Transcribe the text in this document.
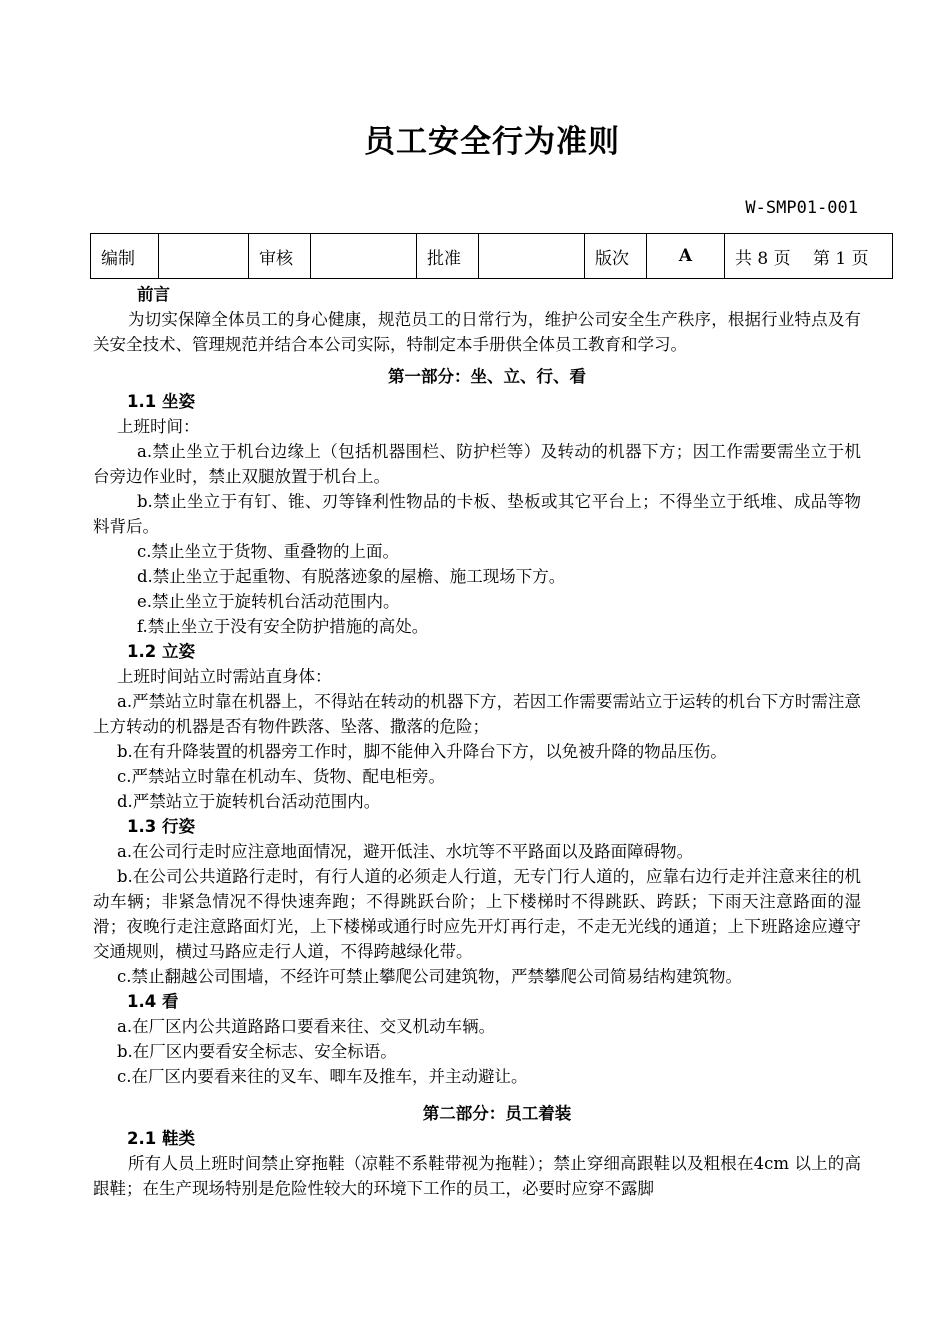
员工安全行为准则
W-SMP01-001
编制		审核		批准		版次	A	共 8 页　 第 1 页

前言

为切实保障全体员工的身心健康，规范员工的日常行为，维护公司安全生产秩序，根据行业特点及有关安全技术、管理规范并结合本公司实际，特制定本手册供全体员工教育和学习。

第一部分：坐、立、行、看

1.1 坐姿

上班时间：

a.禁止坐立于机台边缘上（包括机器围栏、防护栏等）及转动的机器下方；因工作需要需坐立于机台旁边作业时，禁止双腿放置于机台上。

b.禁止坐立于有钉、锥、刃等锋利性物品的卡板、垫板或其它平台上；不得坐立于纸堆、成品等物料背后。

c.禁止坐立于货物、重叠物的上面。

d.禁止坐立于起重物、有脱落迹象的屋檐、施工现场下方。

e.禁止坐立于旋转机台活动范围内。

f.禁止坐立于没有安全防护措施的高处。

1.2 立姿

上班时间站立时需站直身体：

a.严禁站立时靠在机器上，不得站在转动的机器下方，若因工作需要需站立于运转的机台下方时需注意上方转动的机器是否有物件跌落、坠落、撒落的危险；

b.在有升降装置的机器旁工作时，脚不能伸入升降台下方，以免被升降的物品压伤。

c.严禁站立时靠在机动车、货物、配电柜旁。

d.严禁站立于旋转机台活动范围内。

1.3 行姿

a.在公司行走时应注意地面情况，避开低洼、水坑等不平路面以及路面障碍物。

b.在公司公共道路行走时，有行人道的必须走人行道，无专门行人道的，应靠右边行走并注意来往的机动车辆；非紧急情况不得快速奔跑；不得跳跃台阶；上下楼梯时不得跳跃、跨跃；下雨天注意路面的湿滑；夜晚行走注意路面灯光，上下楼梯或通行时应先开灯再行走，不走无光线的通道；上下班路途应遵守交通规则，横过马路应走行人道，不得跨越绿化带。

c.禁止翻越公司围墙，不经许可禁止攀爬公司建筑物，严禁攀爬公司简易结构建筑物。

1.4 看

a.在厂区内公共道路路口要看来往、交叉机动车辆。

b.在厂区内要看安全标志、安全标语。

c.在厂区内要看来往的叉车、唧车及推车，并主动避让。

第二部分：员工着装

2.1 鞋类

所有人员上班时间禁止穿拖鞋（凉鞋不系鞋带视为拖鞋）；禁止穿细高跟鞋以及粗根在4cm 以上的高跟鞋；在生产现场特别是危险性较大的环境下工作的员工，必要时应穿不露脚
